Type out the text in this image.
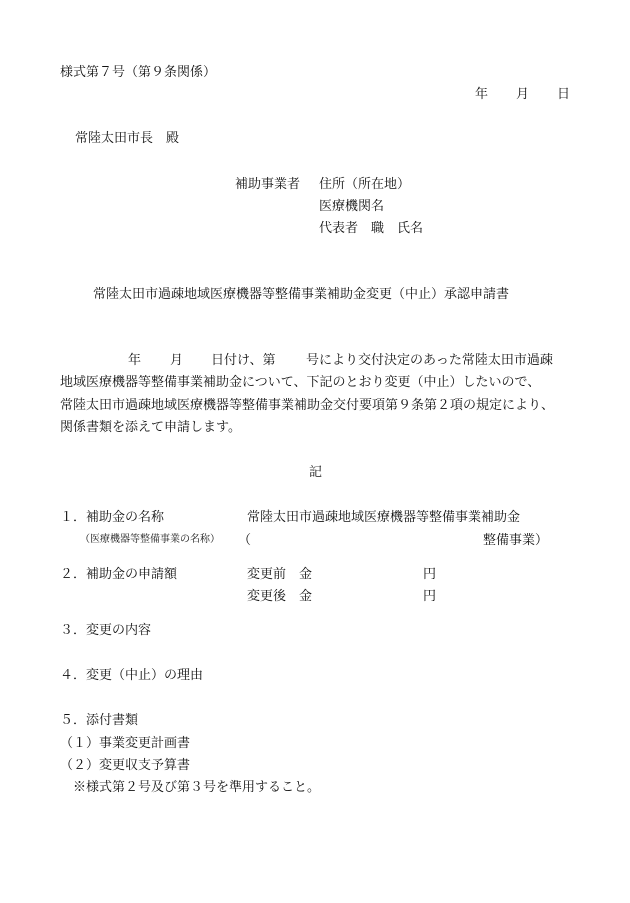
様式第７号（第９条関係）
年 月 日
常陸太田市長　殿
補助事業者 住所（所在地）
医療機関名
代表者　職　氏名
常陸太田市過疎地域医療機器等整備事業補助金変更（中止）承認申請書
年 月 日付け、第 号により交付決定のあった常陸太田市過疎
地域医療機器等整備事業補助金について、下記のとおり変更（中止）したいので、
常陸太田市過疎地域医療機器等整備事業補助金交付要項第９条第２項の規定により、
関係書類を添えて申請します。
記
１．補助金の名称	常陸太田市過疎地域医療機器等整備事業補助金
（医療機器等整備事業の名称） （	整備事業）
２．補助金の申請額	変更前　金	円
変更後　金	円
３．変更の内容
４．変更（中止）の理由
５．添付書類
（１）事業変更計画書
（２）変更収支予算書
※様式第２号及び第３号を準用すること。
